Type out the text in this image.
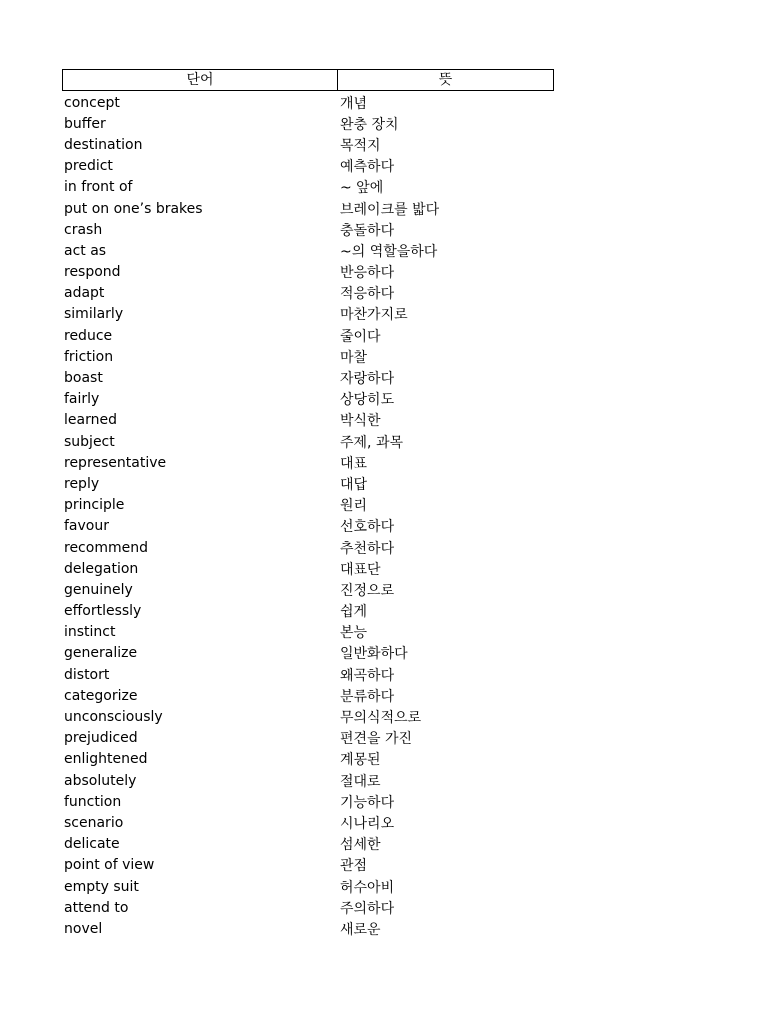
단어	뜻
concept	개념
buffer	완충 장치
destination	목적지
predict	예측하다
in front of	~ 앞에
put on one’s brakes	브레이크를 밟다
crash	충돌하다
act as	~의 역할을하다
respond	반응하다
adapt	적응하다
similarly	마찬가지로
reduce	줄이다
friction	마찰
boast	자랑하다
fairly	상당히도
learned	박식한
subject	주제, 과목
representative	대표
reply	대답
principle	원리
favour	선호하다
recommend	추천하다
delegation	대표단
genuinely	진정으로
effortlessly	쉽게
instinct	본능
generalize	일반화하다
distort	왜곡하다
categorize	분류하다
unconsciously	무의식적으로
prejudiced	편견을 가진
enlightened	계몽된
absolutely	절대로
function	기능하다
scenario	시나리오
delicate	섬세한
point of view	관점
empty suit	허수아비
attend to	주의하다
novel	새로운
